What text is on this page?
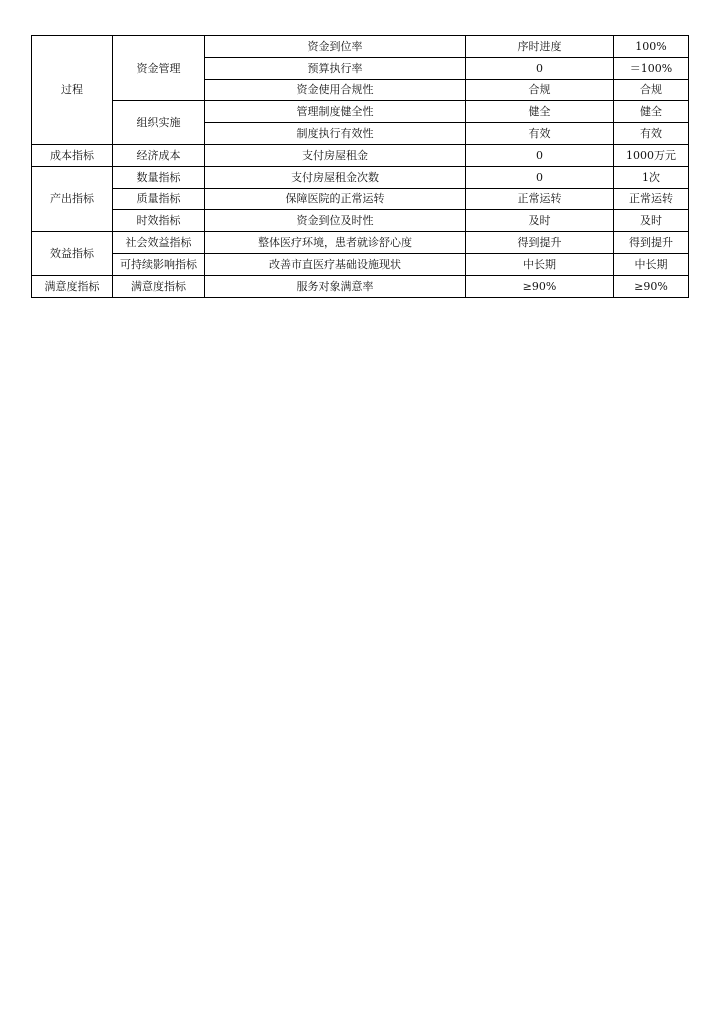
过程	资金管理	资金到位率	序时进度	100%
		预算执行率	0	＝100%
		资金使用合规性	合规	合规
	组织实施	管理制度健全性	健全	健全
		制度执行有效性	有效	有效
成本指标	经济成本	支付房屋租金	0	1000万元
产出指标	数量指标	支付房屋租金次数	0	1次
	质量指标	保障医院的正常运转	正常运转	正常运转
	时效指标	资金到位及时性	及时	及时
效益指标	社会效益指标	整体医疗环境，患者就诊舒心度	得到提升	得到提升
	可持续影响指标	改善市直医疗基础设施现状	中长期	中长期
满意度指标	满意度指标	服务对象满意率	≥90%	≥90%
